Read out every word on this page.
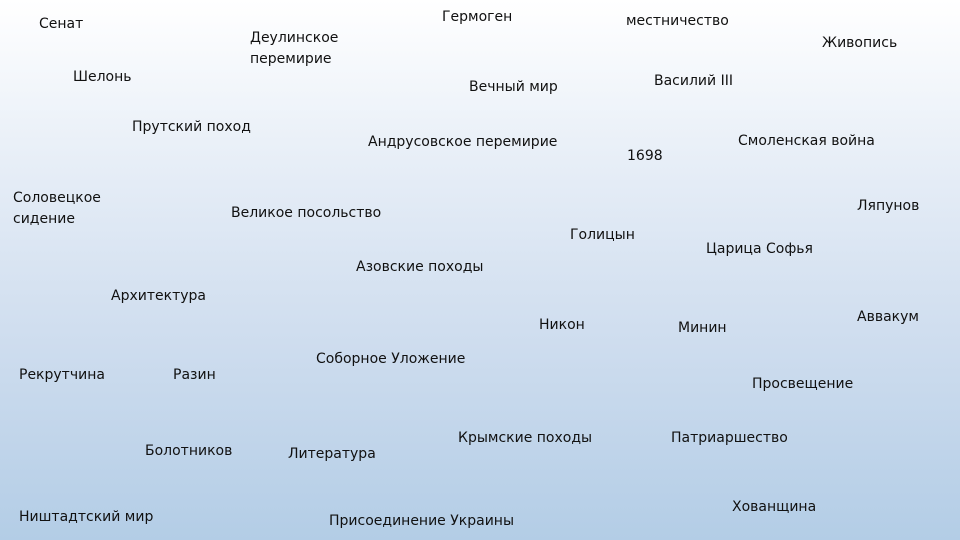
Сенат
Деулинское
перемирие
Гермоген	местничество
Живопись
Шелонь
Вечный мир	Василий III
Прутский поход
Андрусовское перемирие
1698
Смоленская война
Соловецкое
сидение	Великое посольство	Ляпунов
Голицын
Царица Софья
Азовские походы
Архитектура
Никон	Минин
Аввакум
Соборное Уложение
Рекрутчина	Разин
Просвещение
Болотников	Литература
Крымские походы	Патриаршество
Хованщина
Ништадтский мир	Присоединение Украины
